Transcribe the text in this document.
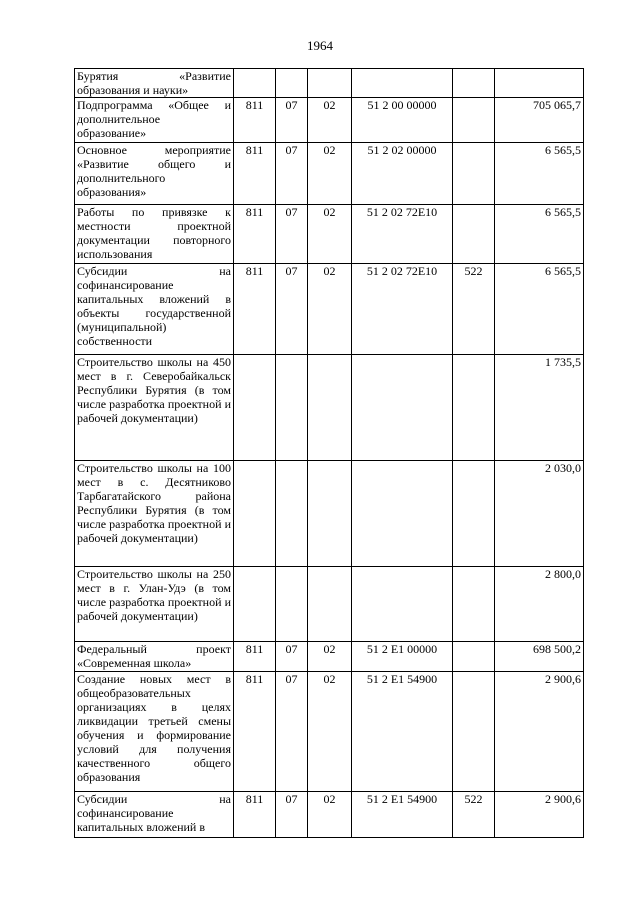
1964
Бурятия «Развитие образования и науки»						
Подпрограмма «Общее и дополнительное образование»	811	07	02	51 2 00 00000		705 065,7
Основное мероприятие «Развитие общего и дополнительного образования»	811	07	02	51 2 02 00000		6 565,5
Работы по привязке к местности проектной документации повторного использования	811	07	02	51 2 02 72Е10		6 565,5
Субсидии на софинансирование капитальных вложений в объекты государственной (муниципальной) собственности	811	07	02	51 2 02 72Е10	522	6 565,5
Строительство школы на 450 мест в г. Северобайкальск Республики Бурятия (в том числе разработка проектной и рабочей документации)						1 735,5
Строительство школы на 100 мест в с. Десятниково Тарбагатайского района Республики Бурятия (в том числе разработка проектной и рабочей документации)						2 030,0
Строительство школы на 250 мест в г. Улан-Удэ (в том числе разработка проектной и рабочей документации)						2 800,0
Федеральный проект «Современная школа»	811	07	02	51 2 Е1 00000		698 500,2
Создание новых мест в общеобразовательных организациях в целях ликвидации третьей смены обучения и формирование условий для получения качественного общего образования	811	07	02	51 2 Е1 54900		2 900,6
Субсидии на софинансирование капитальных вложений в	811	07	02	51 2 Е1 54900	522	2 900,6
